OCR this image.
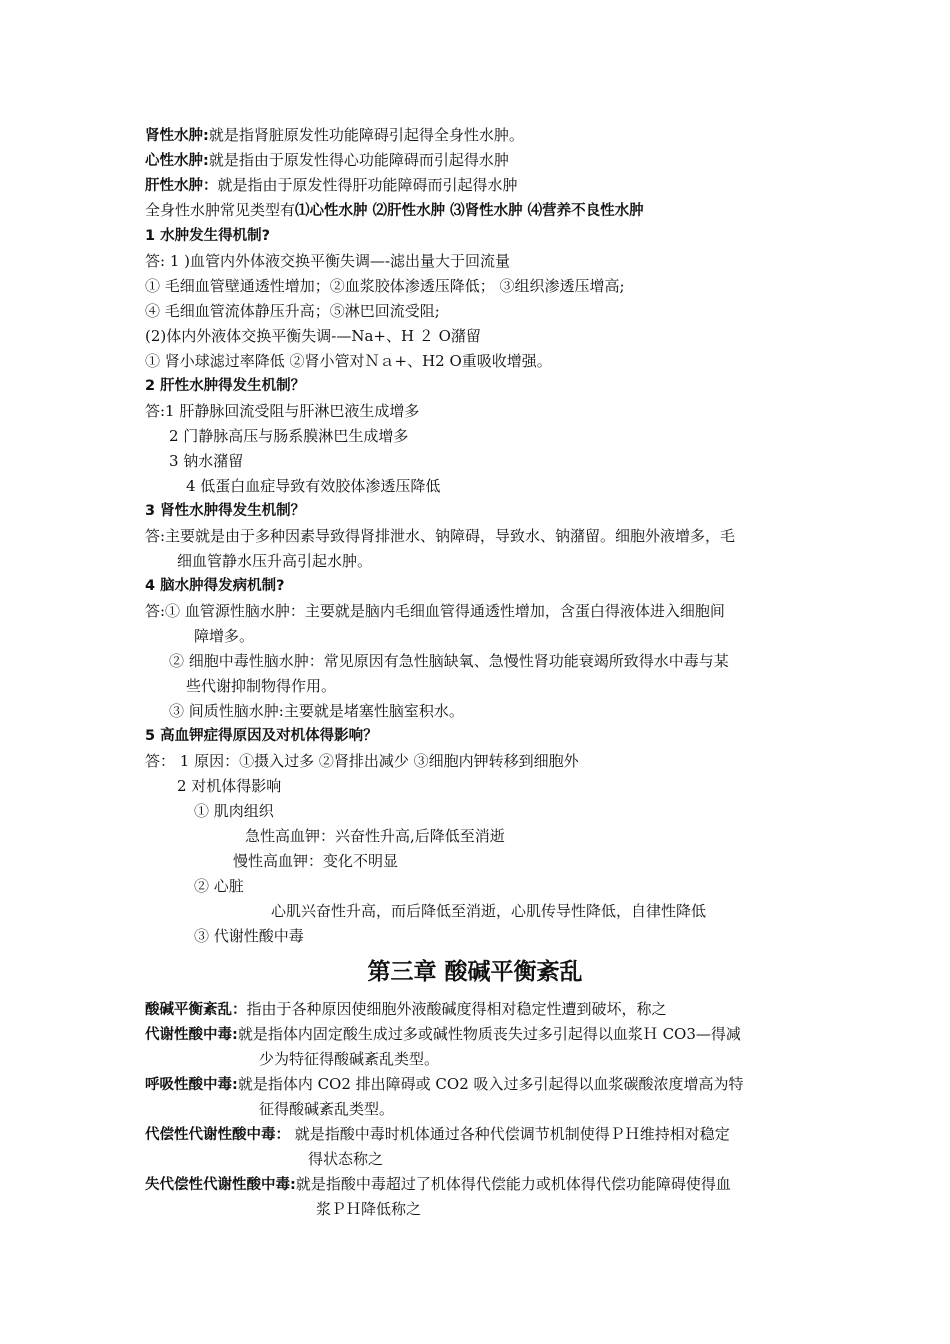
肾性水肿:就是指肾脏原发性功能障碍引起得全身性水肿。
心性水肿:就是指由于原发性得心功能障碍而引起得水肿
肝性水肿：就是指由于原发性得肝功能障碍而引起得水肿
全身性水肿常见类型有⑴心性水肿 ⑵肝性水肿 ⑶肾性水肿 ⑷营养不良性水肿
1 水肿发生得机制?
答: 1 )血管内外体液交换平衡失调—-滤出量大于回流量
① 毛细血管壁通透性增加；②血浆胶体渗透压降低； ③组织渗透压增高;
④ 毛细血管流体静压升高；⑤淋巴回流受阻;
(2)体内外液体交换平衡失调-—Na+、H ２ O潴留
① 肾小球滤过率降低 ②肾小管对Ｎａ+、H2 O重吸收增强。
2 肝性水肿得发生机制？
答:1 肝静脉回流受阻与肝淋巴液生成增多
2 门静脉高压与肠系膜淋巴生成增多
3 钠水潴留
4 低蛋白血症导致有效胶体渗透压降低
3 肾性水肿得发生机制？
答:主要就是由于多种因素导致得肾排泄水、钠障碍，导致水、钠潴留。细胞外液增多，毛
细血管静水压升高引起水肿。
4 脑水肿得发病机制?
答:① 血管源性脑水肿：主要就是脑内毛细血管得通透性增加，含蛋白得液体进入细胞间
障增多。
② 细胞中毒性脑水肿：常见原因有急性脑缺氧、急慢性肾功能衰竭所致得水中毒与某
些代谢抑制物得作用。
③ 间质性脑水肿:主要就是堵塞性脑室积水。
5 高血钾症得原因及对机体得影响？
答： 1 原因：①摄入过多 ②肾排出减少 ③细胞内钾转移到细胞外
2 对机体得影响
① 肌肉组织
急性高血钾：兴奋性升高,后降低至消逝
慢性高血钾：变化不明显
② 心脏
心肌兴奋性升高，而后降低至消逝，心肌传导性降低，自律性降低
③ 代谢性酸中毒
第三章 酸碱平衡紊乱
酸碱平衡紊乱：指由于各种原因使细胞外液酸碱度得相对稳定性遭到破坏，称之
代谢性酸中毒:就是指体内固定酸生成过多或碱性物质丧失过多引起得以血浆Ｈ CO3—得减
少为特征得酸碱紊乱类型。
呼吸性酸中毒:就是指体内 CO2 排出障碍或 CO2 吸入过多引起得以血浆碳酸浓度增高为特
征得酸碱紊乱类型。
代偿性代谢性酸中毒： 就是指酸中毒时机体通过各种代偿调节机制使得ＰＨ维持相对稳定
得状态称之
失代偿性代谢性酸中毒:就是指酸中毒超过了机体得代偿能力或机体得代偿功能障碍使得血
浆ＰＨ降低称之
